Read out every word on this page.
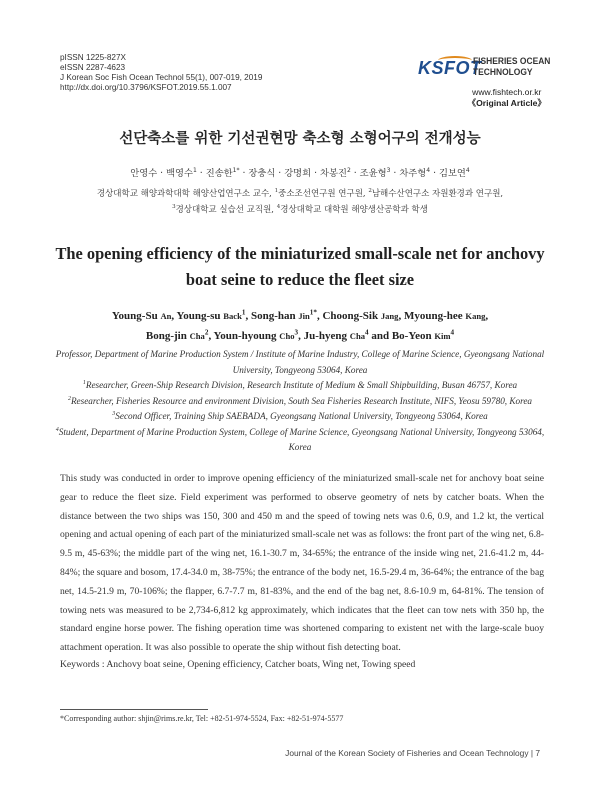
pISSN 1225-827X
eISSN 2287-4623
J Korean Soc Fish Ocean Technol 55(1), 007-019, 2019
http://dx.doi.org/10.3796/KSFOT.2019.55.1.007
KSFOT
FISHERIES OCEAN
TECHNOLOGY
www.fishtech.or.kr
《Original Article》
선단축소를 위한 기선권현망 축소형 소형어구의 전개성능
안영수 · 백영수$^1$ · 진송한$^{1*}$ · 장충식 · 강명희 · 차봉진$^2$ · 조윤형$^3$ · 차주형$^4$ · 김보연$^4$
경상대학교 해양과학대학 해양산업연구소 교수, $^1$중소조선연구원 연구원, $^2$남해수산연구소 자원환경과 연구원,
$^3$경상대학교 실습선 교직원, $^4$경상대학교 대학원 해양생산공학과 학생
The opening efficiency of the miniaturized small-scale net for anchovy boat seine to reduce the fleet size
Young-Su An, Young-su Back$^1$, Song-han Jin$^{1*}$, Choong-Sik Jang, Myoung-hee Kang,
Bong-jin Cha$^2$, Youn-hyoung Cho$^3$, Ju-hyeng Cha$^4$ and Bo-Yeon Kim$^4$

Professor, Department of Marine Production System / Institute of Marine Industry, College of Marine Science, Gyeongsang National University, Tongyeong 53064, Korea

$^1$Researcher, Green-Ship Research Division, Research Institute of Medium & Small Shipbuilding, Busan 46757, Korea

$^2$Researcher, Fisheries Resource and environment Division, South Sea Fisheries Research Institute, NIFS, Yeosu 59780, Korea

$^3$Second Officer, Training Ship SAEBADA, Gyeongsang National University, Tongyeong 53064, Korea

$^4$Student, Department of Marine Production System, College of Marine Science, Gyeongsang National University, Tongyeong 53064, Korea

This study was conducted in order to improve opening efficiency of the miniaturized small-scale net for anchovy boat seine gear to reduce the fleet size. Field experiment was performed to observe geometry of nets by catcher boats. When the distance between the two ships was 150, 300 and 450 m and the speed of towing nets was 0.6, 0.9, and 1.2 kt, the vertical opening and actual opening of each part of the miniaturized small-scale net was as follows: the front part of the wing net, 6.8-9.5 m, 45-63%; the middle part of the wing net, 16.1-30.7 m, 34-65%; the entrance of the inside wing net, 21.6-41.2 m, 44-84%; the square and bosom, 17.4-34.0 m, 38-75%; the entrance of the body net, 16.5-29.4 m, 36-64%; the entrance of the bag net, 14.5-21.9 m, 70-106%; the flapper, 6.7-7.7 m, 81-83%, and the end of the bag net, 8.6-10.9 m, 64-81%. The tension of towing nets was measured to be 2,734-6,812 kg approximately, which indicates that the fleet can tow nets with 350 hp, the standard engine horse power. The fishing operation time was shortened comparing to existent net with the large-scale buoy attachment operation. It was also possible to operate the ship without fish detecting boat.
Keywords : Anchovy boat seine, Opening efficiency, Catcher boats, Wing net, Towing speed
*Corresponding author: shjin@rims.re.kr, Tel: +82-51-974-5524, Fax: +82-51-974-5577
Journal of the Korean Society of Fisheries and Ocean Technology | 7
